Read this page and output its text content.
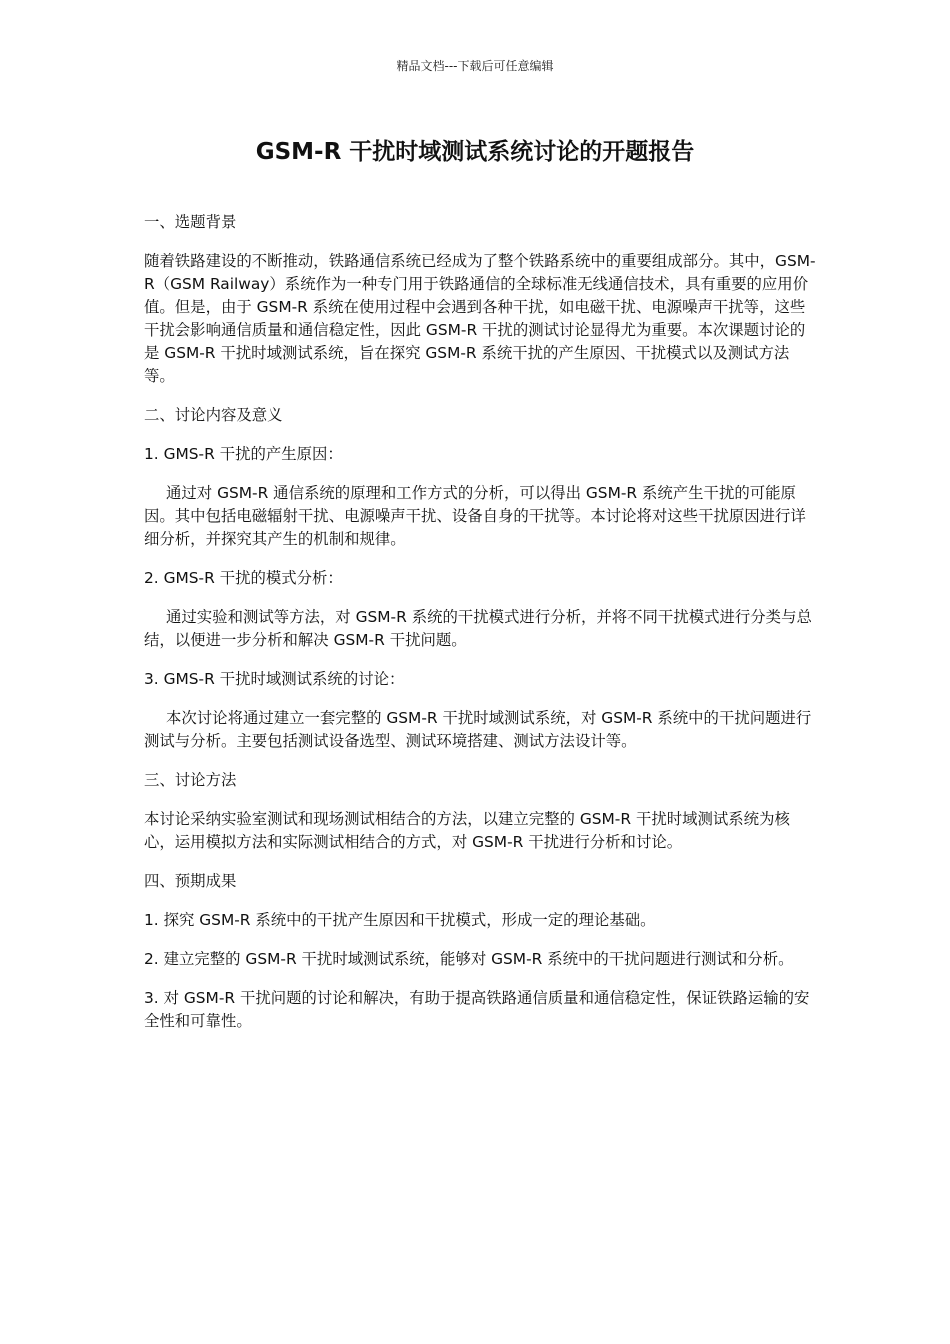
精品文档---下载后可任意编辑
GSM-R 干扰时域测试系统讨论的开题报告
一、选题背景

随着铁路建设的不断推动，铁路通信系统已经成为了整个铁路系统中的重要组成部分。其中，GSM-R（GSM Railway）系统作为一种专门用于铁路通信的全球标准无线通信技术，具有重要的应用价值。但是，由于 GSM-R 系统在使用过程中会遇到各种干扰，如电磁干扰、电源噪声干扰等，这些干扰会影响通信质量和通信稳定性，因此 GSM-R 干扰的测试讨论显得尤为重要。本次课题讨论的是 GSM-R 干扰时域测试系统，旨在探究 GSM-R 系统干扰的产生原因、干扰模式以及测试方法等。

二、讨论内容及意义

1. GMS-R 干扰的产生原因：

通过对 GSM-R 通信系统的原理和工作方式的分析，可以得出 GSM-R 系统产生干扰的可能原因。其中包括电磁辐射干扰、电源噪声干扰、设备自身的干扰等。本讨论将对这些干扰原因进行详细分析，并探究其产生的机制和规律。

2. GMS-R 干扰的模式分析：

通过实验和测试等方法，对 GSM-R 系统的干扰模式进行分析，并将不同干扰模式进行分类与总结，以便进一步分析和解决 GSM-R 干扰问题。

3. GMS-R 干扰时域测试系统的讨论：

本次讨论将通过建立一套完整的 GSM-R 干扰时域测试系统，对 GSM-R 系统中的干扰问题进行测试与分析。主要包括测试设备选型、测试环境搭建、测试方法设计等。

三、讨论方法

本讨论采纳实验室测试和现场测试相结合的方法，以建立完整的 GSM-R 干扰时域测试系统为核心，运用模拟方法和实际测试相结合的方式，对 GSM-R 干扰进行分析和讨论。

四、预期成果

1. 探究 GSM-R 系统中的干扰产生原因和干扰模式，形成一定的理论基础。

2. 建立完整的 GSM-R 干扰时域测试系统，能够对 GSM-R 系统中的干扰问题进行测试和分析。

3. 对 GSM-R 干扰问题的讨论和解决，有助于提高铁路通信质量和通信稳定性，保证铁路运输的安全性和可靠性。
